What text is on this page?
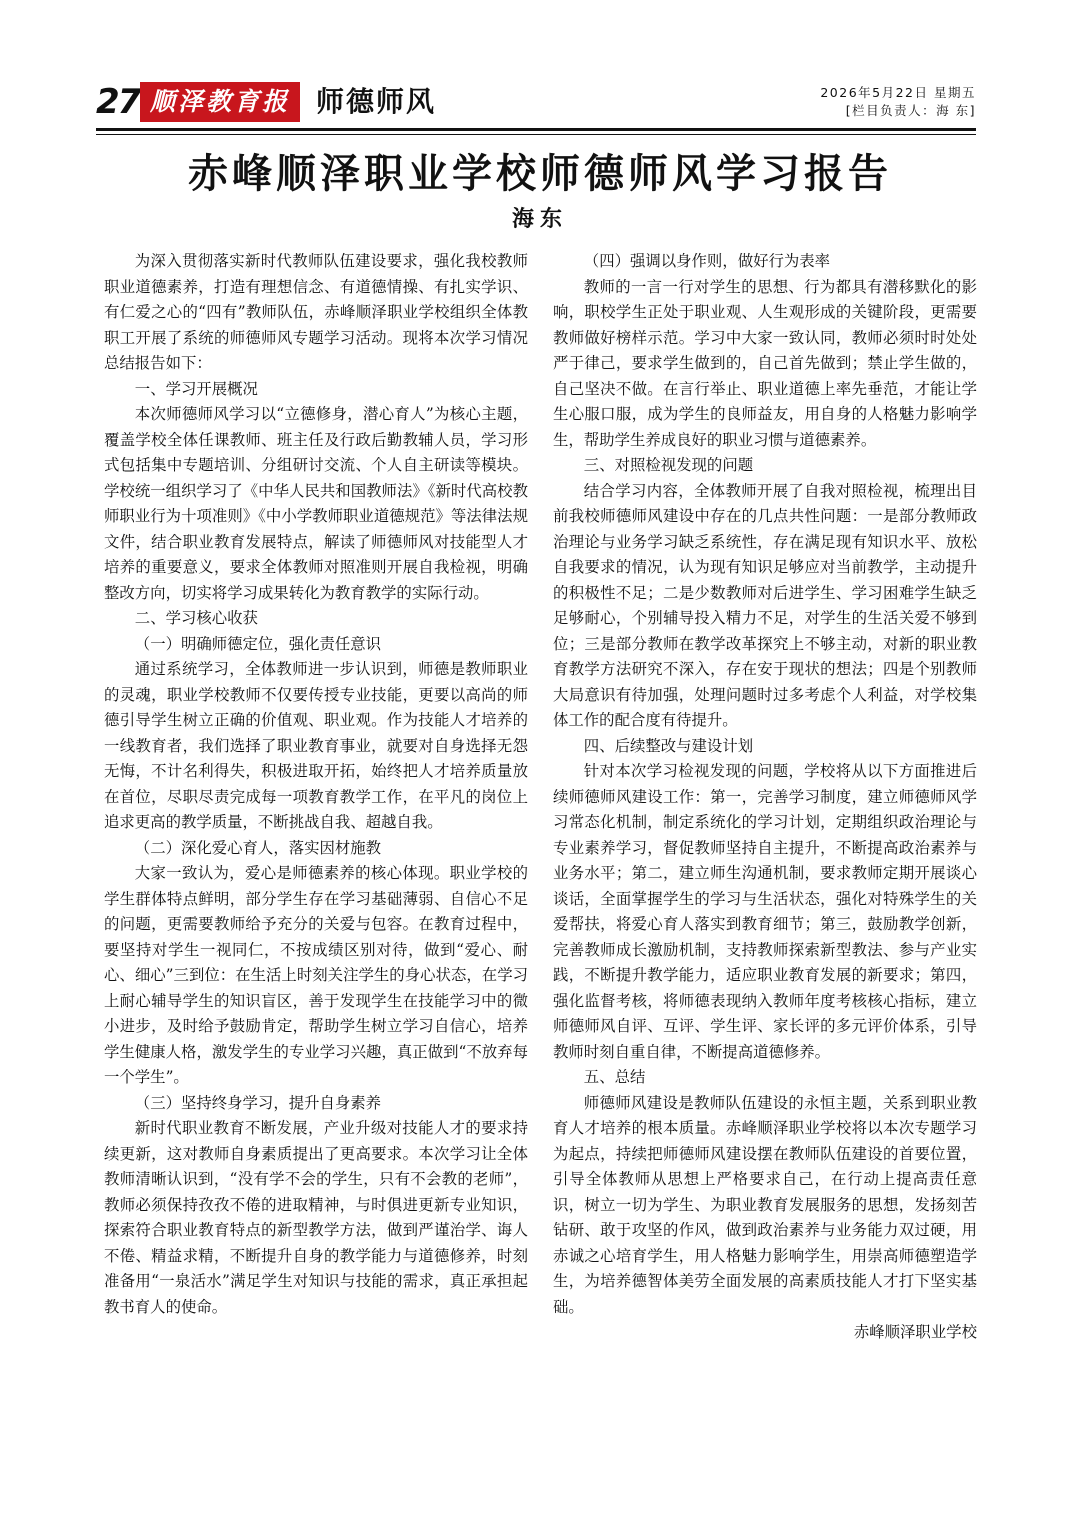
27 顺泽教育报 师德师风	2026年5月22日 星期五
[栏目负责人：海 东]
赤峰顺泽职业学校师德师风学习报告
海东

为深入贯彻落实新时代教师队伍建设要求，强化我校教师职业道德素养，打造有理想信念、有道德情操、有扎实学识、有仁爱之心的“四有”教师队伍，赤峰顺泽职业学校组织全体教职工开展了系统的师德师风专题学习活动。现将本次学习情况总结报告如下：

一、学习开展概况

本次师德师风学习以“立德修身，潜心育人”为核心主题，覆盖学校全体任课教师、班主任及行政后勤教辅人员，学习形式包括集中专题培训、分组研讨交流、个人自主研读等模块。学校统一组织学习了《中华人民共和国教师法》《新时代高校教师职业行为十项准则》《中小学教师职业道德规范》等法律法规文件，结合职业教育发展特点，解读了师德师风对技能型人才培养的重要意义，要求全体教师对照准则开展自我检视，明确整改方向，切实将学习成果转化为教育教学的实际行动。

二、学习核心收获

（一）明确师德定位，强化责任意识

通过系统学习，全体教师进一步认识到，师德是教师职业的灵魂，职业学校教师不仅要传授专业技能，更要以高尚的师德引导学生树立正确的价值观、职业观。作为技能人才培养的一线教育者，我们选择了职业教育事业，就要对自身选择无怨无悔，不计名利得失，积极进取开拓，始终把人才培养质量放在首位，尽职尽责完成每一项教育教学工作，在平凡的岗位上追求更高的教学质量，不断挑战自我、超越自我。

（二）深化爱心育人，落实因材施教

大家一致认为，爱心是师德素养的核心体现。职业学校的学生群体特点鲜明，部分学生存在学习基础薄弱、自信心不足的问题，更需要教师给予充分的关爱与包容。在教育过程中，要坚持对学生一视同仁，不按成绩区别对待，做到“爱心、耐心、细心”三到位：在生活上时刻关注学生的身心状态，在学习上耐心辅导学生的知识盲区，善于发现学生在技能学习中的微小进步，及时给予鼓励肯定，帮助学生树立学习自信心，培养学生健康人格，激发学生的专业学习兴趣，真正做到“不放弃每一个学生”。

（三）坚持终身学习，提升自身素养

新时代职业教育不断发展，产业升级对技能人才的要求持续更新，这对教师自身素质提出了更高要求。本次学习让全体教师清晰认识到，“没有学不会的学生，只有不会教的老师”，教师必须保持孜孜不倦的进取精神，与时俱进更新专业知识，探索符合职业教育特点的新型教学方法，做到严谨治学、诲人不倦、精益求精，不断提升自身的教学能力与道德修养，时刻准备用“一泉活水”满足学生对知识与技能的需求，真正承担起教书育人的使命。

（四）强调以身作则，做好行为表率

教师的一言一行对学生的思想、行为都具有潜移默化的影响，职校学生正处于职业观、人生观形成的关键阶段，更需要教师做好榜样示范。学习中大家一致认同，教师必须时时处处严于律己，要求学生做到的，自己首先做到；禁止学生做的，自己坚决不做。在言行举止、职业道德上率先垂范，才能让学生心服口服，成为学生的良师益友，用自身的人格魅力影响学生，帮助学生养成良好的职业习惯与道德素养。

三、对照检视发现的问题

结合学习内容，全体教师开展了自我对照检视，梳理出目前我校师德师风建设中存在的几点共性问题：一是部分教师政治理论与业务学习缺乏系统性，存在满足现有知识水平、放松自我要求的情况，认为现有知识足够应对当前教学，主动提升的积极性不足；二是少数教师对后进学生、学习困难学生缺乏足够耐心，个别辅导投入精力不足，对学生的生活关爱不够到位；三是部分教师在教学改革探究上不够主动，对新的职业教育教学方法研究不深入，存在安于现状的想法；四是个别教师大局意识有待加强，处理问题时过多考虑个人利益，对学校集体工作的配合度有待提升。

四、后续整改与建设计划

针对本次学习检视发现的问题，学校将从以下方面推进后续师德师风建设工作：第一，完善学习制度，建立师德师风学习常态化机制，制定系统化的学习计划，定期组织政治理论与专业素养学习，督促教师坚持自主提升，不断提高政治素养与业务水平；第二，建立师生沟通机制，要求教师定期开展谈心谈话，全面掌握学生的学习与生活状态，强化对特殊学生的关爱帮扶，将爱心育人落实到教育细节；第三，鼓励教学创新，完善教师成长激励机制，支持教师探索新型教法、参与产业实践，不断提升教学能力，适应职业教育发展的新要求；第四，强化监督考核，将师德表现纳入教师年度考核核心指标，建立师德师风自评、互评、学生评、家长评的多元评价体系，引导教师时刻自重自律，不断提高道德修养。

五、总结

师德师风建设是教师队伍建设的永恒主题，关系到职业教育人才培养的根本质量。赤峰顺泽职业学校将以本次专题学习为起点，持续把师德师风建设摆在教师队伍建设的首要位置，引导全体教师从思想上严格要求自己，在行动上提高责任意识，树立一切为学生、为职业教育发展服务的思想，发扬刻苦钻研、敢于攻坚的作风，做到政治素养与业务能力双过硬，用赤诚之心培育学生，用人格魅力影响学生，用崇高师德塑造学生，为培养德智体美劳全面发展的高素质技能人才打下坚实基础。

赤峰顺泽职业学校
